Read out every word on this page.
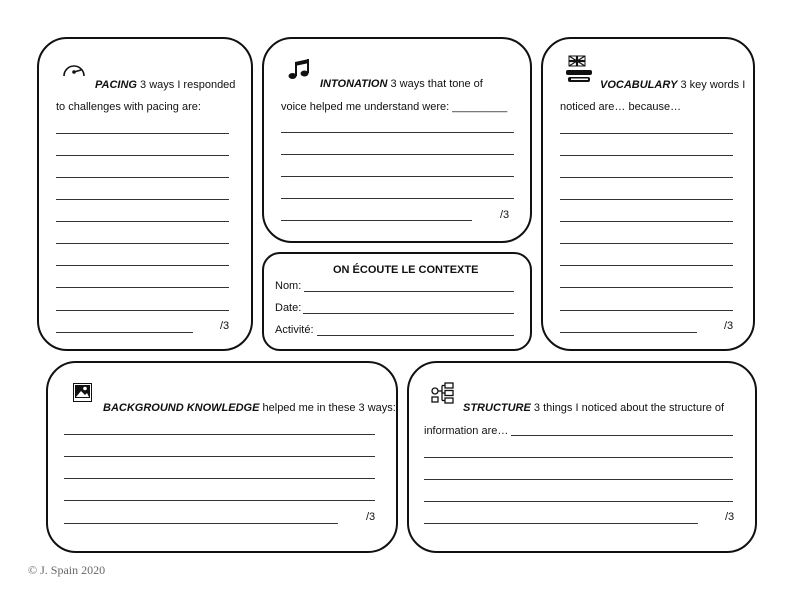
PACING 3 ways I responded
to challenges with pacing are:
/3
INTONATION 3 ways that tone of
voice helped me understand were: _________
/3
ON ÉCOUTE LE CONTEXTE
Nom:
Date:
Activité:
VOCABULARY 3 key words I
noticed are… because…
/3
BACKGROUND KNOWLEDGE helped me in these 3 ways:
/3
STRUCTURE 3 things I noticed about the structure of
information are…
/3
© J. Spain 2020
